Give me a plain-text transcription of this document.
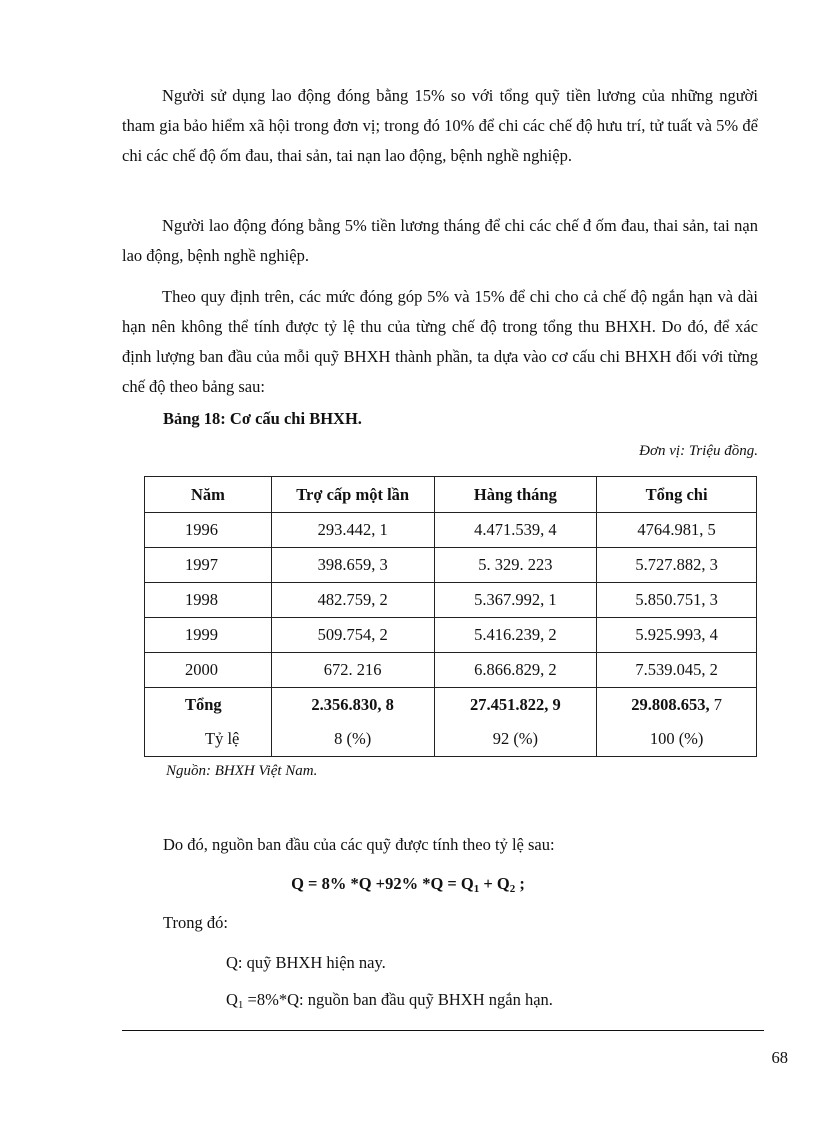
Người sử dụng lao động đóng bằng 15% so với tổng quỹ tiền lương của những người tham gia bảo hiểm xã hội trong đơn vị; trong đó 10% để chi các chế độ hưu trí, tử tuất và 5% để chi các chế độ ốm đau, thai sản, tai nạn lao động, bệnh nghề nghiệp.

Người lao động đóng bằng 5% tiền lương tháng để chi các chế đ ốm đau, thai sản, tai nạn lao động, bệnh nghề nghiệp.

Theo quy định trên, các mức đóng góp 5% và 15% để chi cho cả chế độ ngắn hạn và dài hạn nên không thể tính được tỷ lệ thu của từng chế độ trong tổng thu BHXH. Do đó, để xác định lượng ban đầu của mỗi quỹ BHXH thành phần, ta dựa vào cơ cấu chi BHXH đối với từng chế độ theo bảng sau:

Bảng 18: Cơ cấu chi BHXH.

Đơn vị: Triệu đồng.

Năm	Trợ cấp một lần	Hàng tháng	Tổng chi
1996	293.442, 1	4.471.539, 4	4764.981, 5
1997	398.659, 3	5. 329. 223	5.727.882, 3
1998	482.759, 2	5.367.992, 1	5.850.751, 3
1999	509.754, 2	5.416.239, 2	5.925.993, 4
2000	672. 216	6.866.829, 2	7.539.045, 2
Tổng	2.356.830, 8	27.451.822, 9	29.808.653, 7
Tỷ lệ	8 (%)	92 (%)	100 (%)

Nguồn: BHXH Việt Nam.

Do đó, nguồn ban đầu của các quỹ được tính theo tỷ lệ sau:

Q = 8% *Q +92% $*Q = Q_1 + Q_2$ ;

Trong đó:

Q: quỹ BHXH hiện nay.

$Q_1 =8\%*Q$: nguồn ban đầu quỹ BHXH ngắn hạn.

68
